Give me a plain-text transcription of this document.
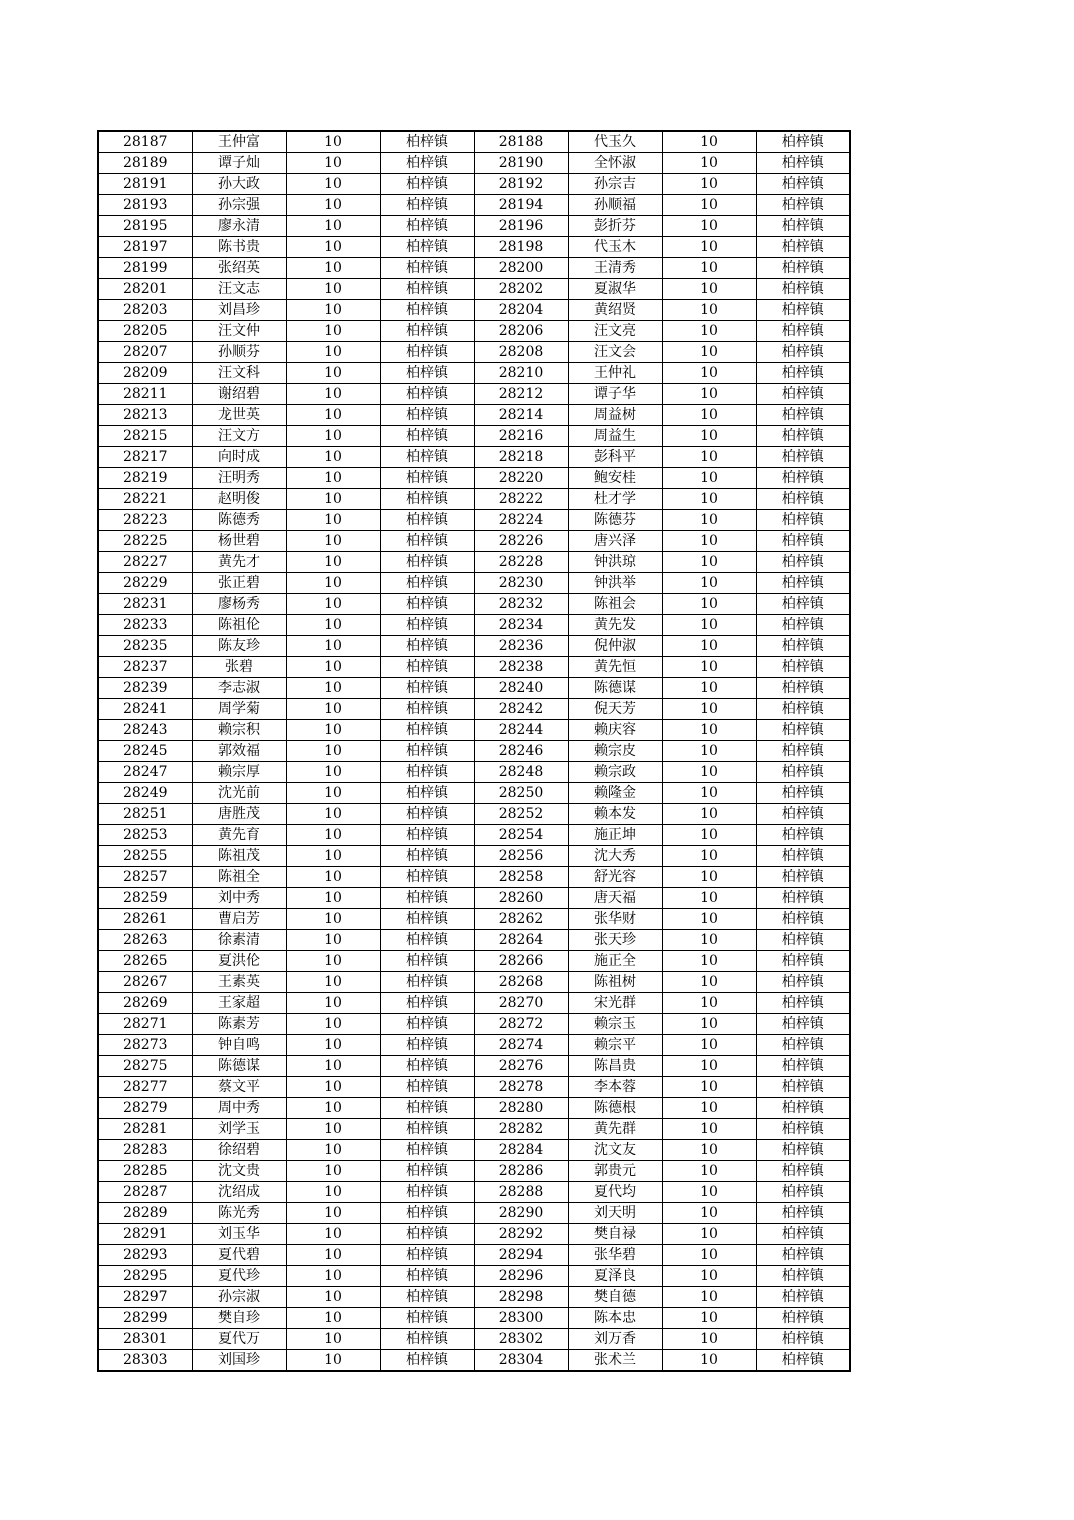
28187	王仲富	10	柏梓镇	28188	代玉久	10	柏梓镇
28189	谭子灿	10	柏梓镇	28190	全怀淑	10	柏梓镇
28191	孙大政	10	柏梓镇	28192	孙宗吉	10	柏梓镇
28193	孙宗强	10	柏梓镇	28194	孙顺福	10	柏梓镇
28195	廖永清	10	柏梓镇	28196	彭折芬	10	柏梓镇
28197	陈书贵	10	柏梓镇	28198	代玉木	10	柏梓镇
28199	张绍英	10	柏梓镇	28200	王清秀	10	柏梓镇
28201	汪文志	10	柏梓镇	28202	夏淑华	10	柏梓镇
28203	刘昌珍	10	柏梓镇	28204	黄绍贤	10	柏梓镇
28205	汪文仲	10	柏梓镇	28206	汪文亮	10	柏梓镇
28207	孙顺芬	10	柏梓镇	28208	汪文会	10	柏梓镇
28209	汪文科	10	柏梓镇	28210	王仲礼	10	柏梓镇
28211	谢绍碧	10	柏梓镇	28212	谭子华	10	柏梓镇
28213	龙世英	10	柏梓镇	28214	周益树	10	柏梓镇
28215	汪文方	10	柏梓镇	28216	周益生	10	柏梓镇
28217	向时成	10	柏梓镇	28218	彭科平	10	柏梓镇
28219	汪明秀	10	柏梓镇	28220	鲍安桂	10	柏梓镇
28221	赵明俊	10	柏梓镇	28222	杜才学	10	柏梓镇
28223	陈德秀	10	柏梓镇	28224	陈德芬	10	柏梓镇
28225	杨世碧	10	柏梓镇	28226	唐兴泽	10	柏梓镇
28227	黄先才	10	柏梓镇	28228	钟洪琼	10	柏梓镇
28229	张正碧	10	柏梓镇	28230	钟洪举	10	柏梓镇
28231	廖杨秀	10	柏梓镇	28232	陈祖会	10	柏梓镇
28233	陈祖伦	10	柏梓镇	28234	黄先发	10	柏梓镇
28235	陈友珍	10	柏梓镇	28236	倪仲淑	10	柏梓镇
28237	张碧	10	柏梓镇	28238	黄先恒	10	柏梓镇
28239	李志淑	10	柏梓镇	28240	陈德谋	10	柏梓镇
28241	周学菊	10	柏梓镇	28242	倪天芳	10	柏梓镇
28243	赖宗积	10	柏梓镇	28244	赖庆容	10	柏梓镇
28245	郭效福	10	柏梓镇	28246	赖宗皮	10	柏梓镇
28247	赖宗厚	10	柏梓镇	28248	赖宗政	10	柏梓镇
28249	沈光前	10	柏梓镇	28250	赖隆金	10	柏梓镇
28251	唐胜茂	10	柏梓镇	28252	赖本发	10	柏梓镇
28253	黄先育	10	柏梓镇	28254	施正坤	10	柏梓镇
28255	陈祖茂	10	柏梓镇	28256	沈大秀	10	柏梓镇
28257	陈祖全	10	柏梓镇	28258	舒光容	10	柏梓镇
28259	刘中秀	10	柏梓镇	28260	唐天福	10	柏梓镇
28261	曹启芳	10	柏梓镇	28262	张华财	10	柏梓镇
28263	徐素清	10	柏梓镇	28264	张天珍	10	柏梓镇
28265	夏洪伦	10	柏梓镇	28266	施正全	10	柏梓镇
28267	王素英	10	柏梓镇	28268	陈祖树	10	柏梓镇
28269	王家超	10	柏梓镇	28270	宋光群	10	柏梓镇
28271	陈素芳	10	柏梓镇	28272	赖宗玉	10	柏梓镇
28273	钟自鸣	10	柏梓镇	28274	赖宗平	10	柏梓镇
28275	陈德谋	10	柏梓镇	28276	陈昌贵	10	柏梓镇
28277	蔡文平	10	柏梓镇	28278	李本蓉	10	柏梓镇
28279	周中秀	10	柏梓镇	28280	陈德根	10	柏梓镇
28281	刘学玉	10	柏梓镇	28282	黄先群	10	柏梓镇
28283	徐绍碧	10	柏梓镇	28284	沈文友	10	柏梓镇
28285	沈文贵	10	柏梓镇	28286	郭贵元	10	柏梓镇
28287	沈绍成	10	柏梓镇	28288	夏代均	10	柏梓镇
28289	陈光秀	10	柏梓镇	28290	刘天明	10	柏梓镇
28291	刘玉华	10	柏梓镇	28292	樊自禄	10	柏梓镇
28293	夏代碧	10	柏梓镇	28294	张华碧	10	柏梓镇
28295	夏代珍	10	柏梓镇	28296	夏泽良	10	柏梓镇
28297	孙宗淑	10	柏梓镇	28298	樊自德	10	柏梓镇
28299	樊自珍	10	柏梓镇	28300	陈本忠	10	柏梓镇
28301	夏代万	10	柏梓镇	28302	刘万香	10	柏梓镇
28303	刘国珍	10	柏梓镇	28304	张术兰	10	柏梓镇
